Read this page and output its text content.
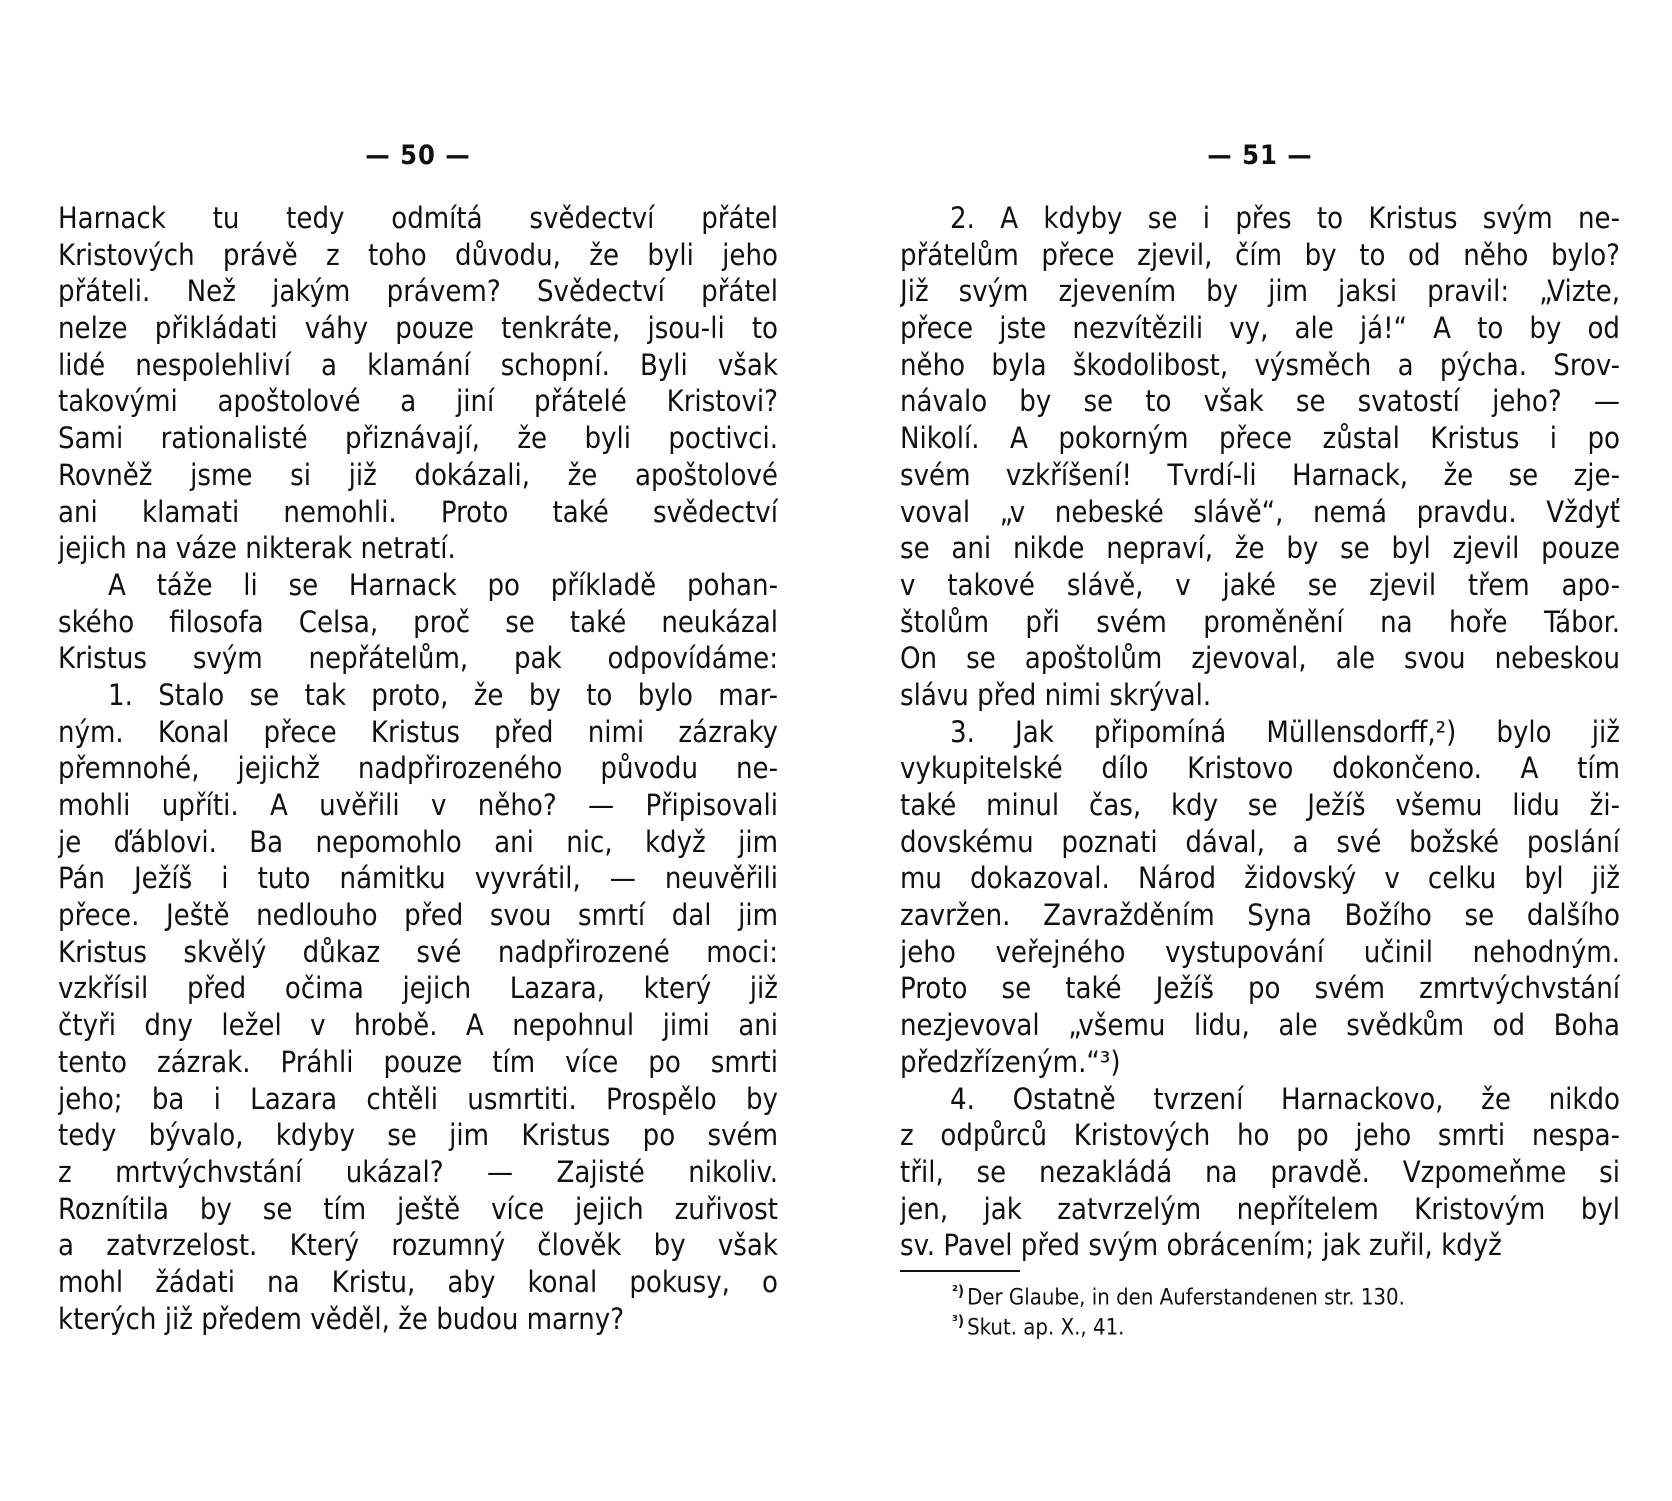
— 50 —
Harnack tu tedy odmítá svědectví přátel
Kristových právě z toho důvodu, že byli jeho
přáteli. Než jakým právem? Svědectví přátel
nelze přikládati váhy pouze tenkráte, jsou-li to
lidé nespolehliví a klamání schopní. Byli však
takovými apoštolové a jiní přátelé Kristovi?
Sami rationalisté přiznávají, že byli poctivci.
Rovněž jsme si již dokázali, že apoštolové
ani klamati nemohli. Proto také svědectví
jejich na váze nikterak netratí.
A táže li se Harnack po příkladě pohan-
ského filosofa Celsa, proč se také neukázal
Kristus svým nepřátelům, pak odpovídáme:
1. Stalo se tak proto, že by to bylo mar-
ným. Konal přece Kristus před nimi zázraky
přemnohé, jejichž nadpřirozeného původu ne-
mohli upříti. A uvěřili v něho? — Připisovali
je ďáblovi. Ba nepomohlo ani nic, když jim
Pán Ježíš i tuto námitku vyvrátil, — neuvěřili
přece. Ještě nedlouho před svou smrtí dal jim
Kristus skvělý důkaz své nadpřirozené moci:
vzkřísil před očima jejich Lazara, který již
čtyři dny ležel v hrobě. A nepohnul jimi ani
tento zázrak. Práhli pouze tím více po smrti
jeho; ba i Lazara chtěli usmrtiti. Prospělo by
tedy bývalo, kdyby se jim Kristus po svém
z mrtvýchvstání ukázal? — Zajisté nikoliv.
Roznítila by se tím ještě více jejich zuřivost
a zatvrzelost. Který rozumný člověk by však
mohl žádati na Kristu, aby konal pokusy, o
kterých již předem věděl, že budou marny?
— 51 —
2. A kdyby se i přes to Kristus svým ne-
přátelům přece zjevil, čím by to od něho bylo?
Již svým zjevením by jim jaksi pravil: „Vizte,
přece jste nezvítězili vy, ale já!“ A to by od
něho byla škodolibost, výsměch a pýcha. Srov-
návalo by se to však se svatostí jeho? —
Nikolí. A pokorným přece zůstal Kristus i po
svém vzkříšení! Tvrdí-li Harnack, že se zje-
voval „v nebeské slávě“, nemá pravdu. Vždyť
se ani nikde nepraví, že by se byl zjevil pouze
v takové slávě, v jaké se zjevil třem apo-
štolům při svém proměnění na hoře Tábor.
On se apoštolům zjevoval, ale svou nebeskou
slávu před nimi skrýval.
3. Jak připomíná Müllensdorff,²) bylo již
vykupitelské dílo Kristovo dokončeno. A tím
také minul čas, kdy se Ježíš všemu lidu ži-
dovskému poznati dával, a své božské poslání
mu dokazoval. Národ židovský v celku byl již
zavržen. Zavražděním Syna Božího se dalšího
jeho veřejného vystupování učinil nehodným.
Proto se také Ježíš po svém zmrtvýchvstání
nezjevoval „všemu lidu, ale svědkům od Boha
předzřízeným.“³)
4. Ostatně tvrzení Harnackovo, že nikdo
z odpůrců Kristových ho po jeho smrti nespa-
třil, se nezakládá na pravdě. Vzpomeňme si
jen, jak zatvrzelým nepřítelem Kristovým byl
sv. Pavel před svým obrácením; jak zuřil, když
$^{^2)}$ Der Glaube, in den Auferstandenen str. 130.
$^{^3)}$ Skut. ap. X., 41.
